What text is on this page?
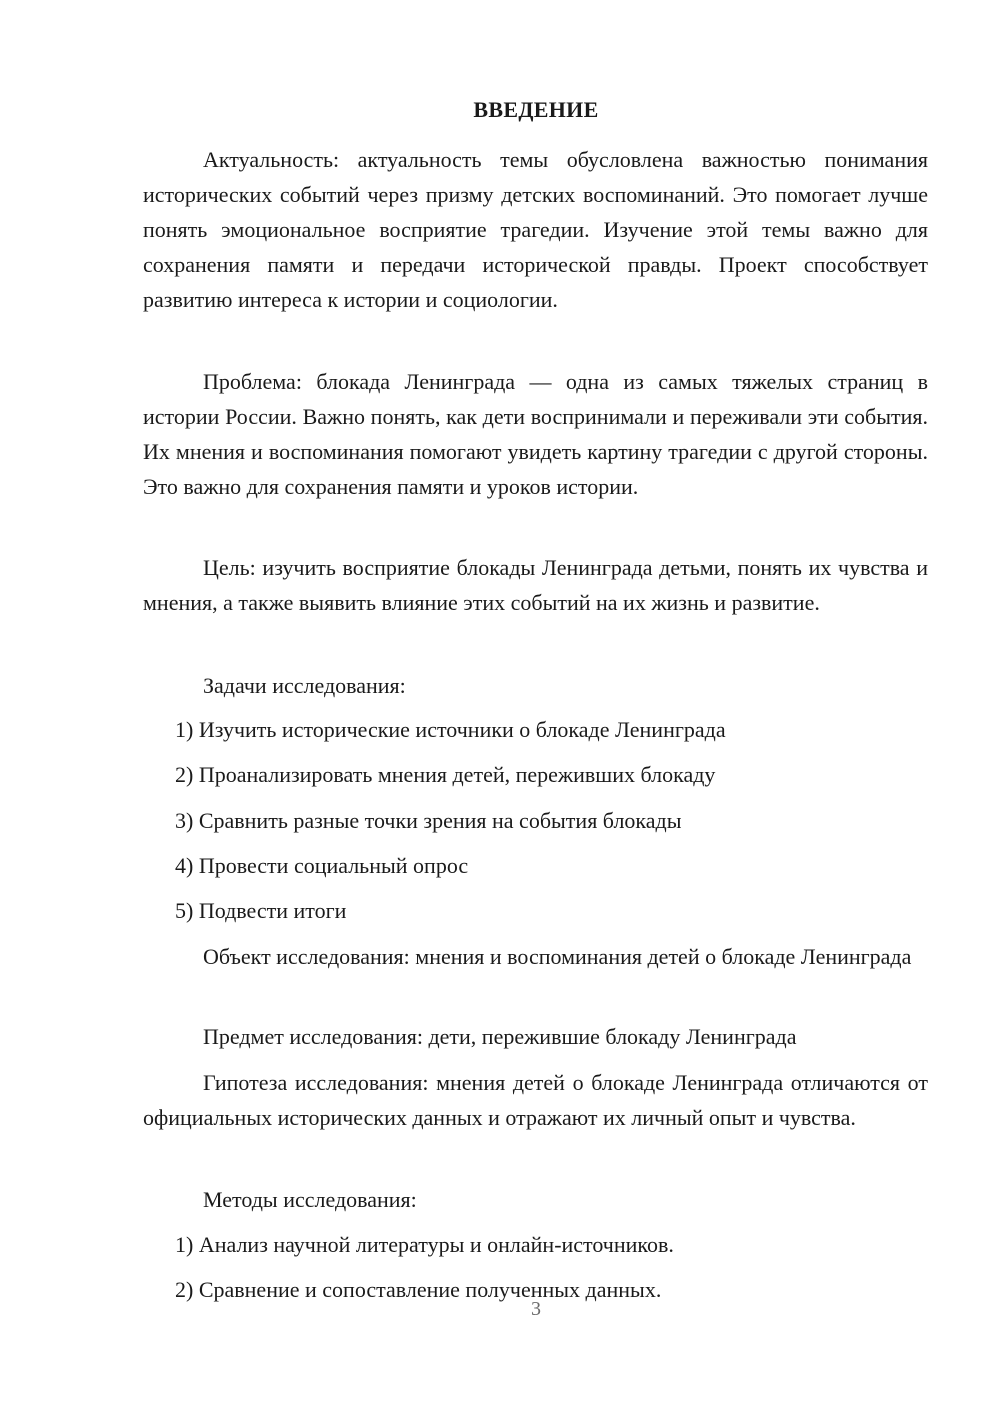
ВВЕДЕНИЕ

Актуальность: актуальность темы обусловлена важностью понимания исторических событий через призму детских воспоминаний. Это помогает лучше понять эмоциональное восприятие трагедии. Изучение этой темы важно для сохранения памяти и передачи исторической правды. Проект способствует развитию интереса к истории и социологии.

Проблема: блокада Ленинграда — одна из самых тяжелых страниц в истории России. Важно понять, как дети воспринимали и переживали эти события. Их мнения и воспоминания помогают увидеть картину трагедии с другой стороны. Это важно для сохранения памяти и уроков истории.

Цель: изучить восприятие блокады Ленинграда детьми, понять их чувства и мнения, а также выявить влияние этих событий на их жизнь и развитие.

Задачи исследования:

1) Изучить исторические источники о блокаде Ленинграда

2) Проанализировать мнения детей, переживших блокаду

3) Сравнить разные точки зрения на события блокады

4) Провести социальный опрос

5) Подвести итоги

Объект исследования: мнения и воспоминания детей о блокаде Ленинграда

Предмет исследования: дети, пережившие блокаду Ленинграда

Гипотеза исследования: мнения детей о блокаде Ленинграда отличаются от официальных исторических данных и отражают их личный опыт и чувства.

Методы исследования:

1) Анализ научной литературы и онлайн-источников.

2) Сравнение и сопоставление полученных данных.

3
